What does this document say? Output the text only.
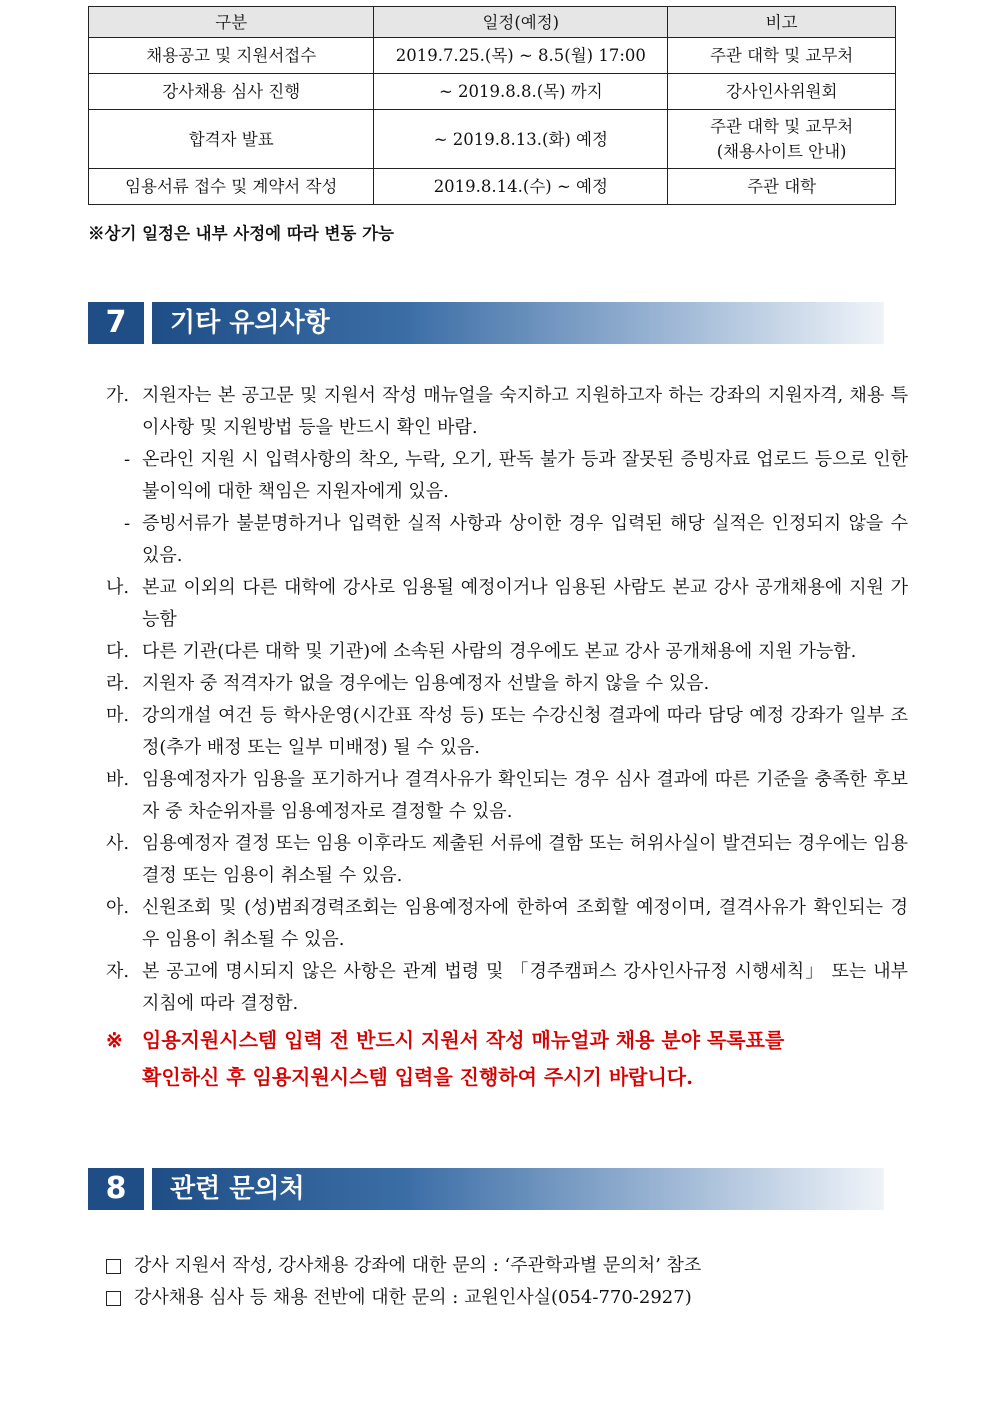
구분	일정(예정)	비고
채용공고 및 지원서접수	2019.7.25.(목) ~ 8.5(월) 17:00	주관 대학 및 교무처
강사채용 심사 진행	~ 2019.8.8.(목) 까지	강사인사위원회
합격자 발표	~ 2019.8.13.(화) 예정	주관 대학 및 교무처
(채용사이트 안내)

임용서류 접수 및 계약서 작성	2019.8.14.(수) ~ 예정	주관 대학
※상기 일정은 내부 사정에 따라 변동 가능
7	기타 유의사항
가. 지원자는 본 공고문 및 지원서 작성 매뉴얼을 숙지하고 지원하고자 하는 강좌의 지원자격, 채용 특이사항 및 지원방법 등을 반드시 확인 바람.
- 온라인 지원 시 입력사항의 착오, 누락, 오기, 판독 불가 등과 잘못된 증빙자료 업로드 등으로 인한 불이익에 대한 책임은 지원자에게 있음.
- 증빙서류가 불분명하거나 입력한 실적 사항과 상이한 경우 입력된 해당 실적은 인정되지 않을 수 있음.
나. 본교 이외의 다른 대학에 강사로 임용될 예정이거나 임용된 사람도 본교 강사 공개채용에 지원 가능함
다. 다른 기관(다른 대학 및 기관)에 소속된 사람의 경우에도 본교 강사 공개채용에 지원 가능함.
라. 지원자 중 적격자가 없을 경우에는 임용예정자 선발을 하지 않을 수 있음.
마. 강의개설 여건 등 학사운영(시간표 작성 등) 또는 수강신청 결과에 따라 담당 예정 강좌가 일부 조정(추가 배정 또는 일부 미배정) 될 수 있음.
바. 임용예정자가 임용을 포기하거나 결격사유가 확인되는 경우 심사 결과에 따른 기준을 충족한 후보자 중 차순위자를 임용예정자로 결정할 수 있음.
사. 임용예정자 결정 또는 임용 이후라도 제출된 서류에 결함 또는 허위사실이 발견되는 경우에는 임용결정 또는 임용이 취소될 수 있음.
아. 신원조회 및 (성)범죄경력조회는 임용예정자에 한하여 조회할 예정이며, 결격사유가 확인되는 경우 임용이 취소될 수 있음.
자. 본 공고에 명시되지 않은 사항은 관계 법령 및 「경주캠퍼스 강사인사규정 시행세칙」 또는 내부 지침에 따라 결정함.
※ 임용지원시스템 입력 전 반드시 지원서 작성 매뉴얼과 채용 분야 목록표를
확인하신 후 임용지원시스템 입력을 진행하여 주시기 바랍니다.
8	관련 문의처
강사 지원서 작성, 강사채용 강좌에 대한 문의 : ‘주관학과별 문의처’ 참조
강사채용 심사 등 채용 전반에 대한 문의 : 교원인사실(054-770-2927)
